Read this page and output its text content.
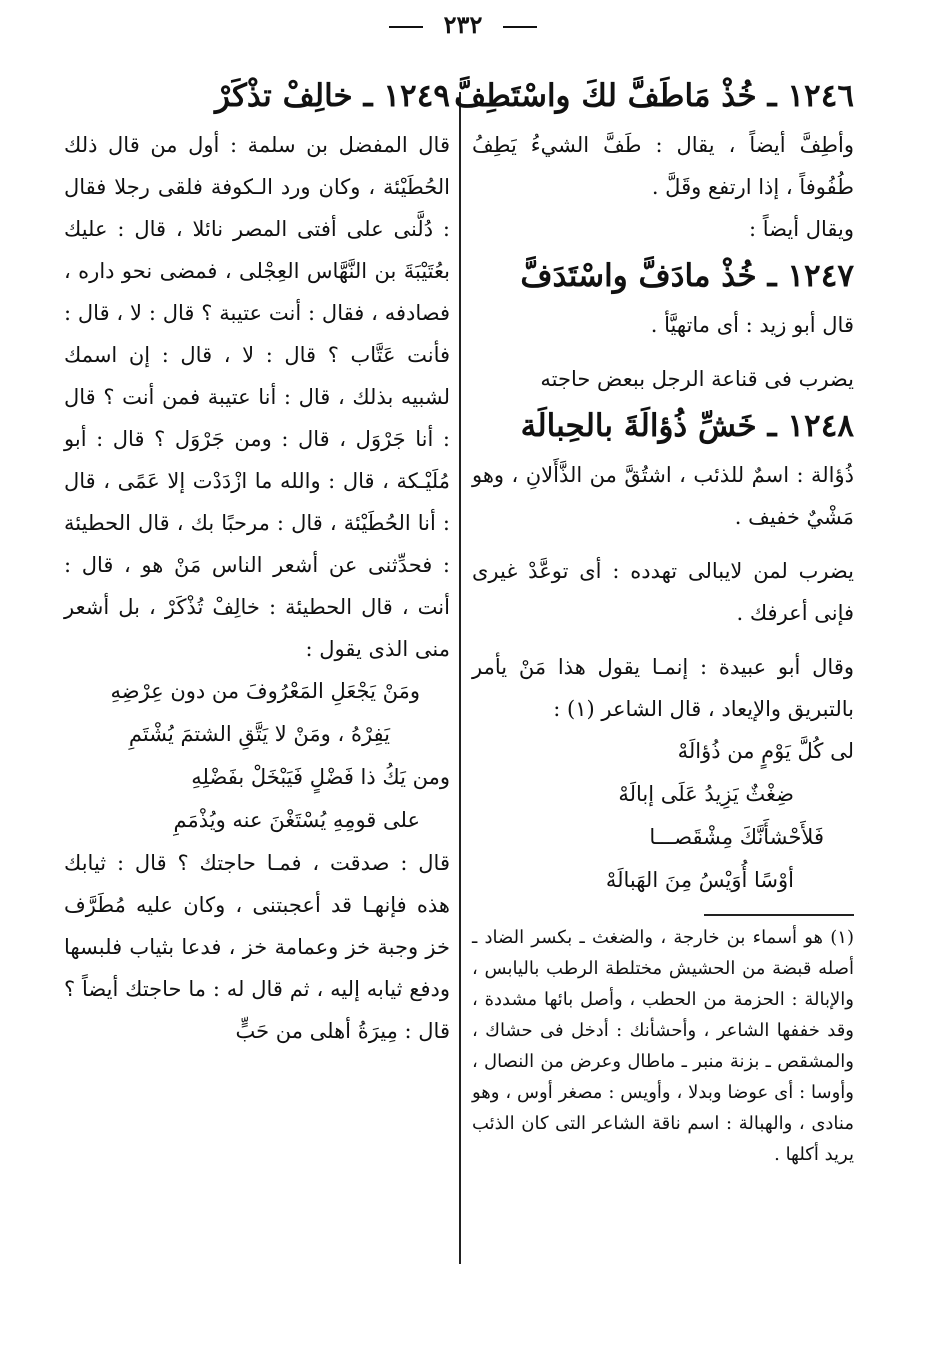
٢٣٢
١٢٤٦ ـ خُذْ مَاطَفَّ لكَ واسْتَطِفَّ

وأطِفَّ أيضاً ، يقال : طَفَّ الشيءُ يَطِفُ طُفُوفاً ، إذا ارتفع وقَلَّ .

ويقال أيضاً :

١٢٤٧ ـ خُذْ مادَفَّ واسْتَدَفَّ

قال أبو زيد : أى ماتهيَّأ .

يضرب فى قناعة الرجل ببعض حاجته

١٢٤٨ ـ خَشِّ ذُؤالَةَ بالحِبالَة

ذُؤالة : اسمٌ للذئب ، اشتُقَّ من الذَّأَلانِ ، وهو مَشْيٌ خفيف .

يضرب لمن لايبالى تهدده : أى توعَّدْ غيرى فإنى أعرفك .

وقال أبو عبيدة : إنمـا يقول هذا مَنْ يأمر بالتبريق والإيعاد ، قال الشاعر (١) :

لى كُلَّ يَوْمٍ من ذُؤالَهْ

ضِغْثٌ يَزِيدُ عَلَى إبالَهْ

فَلأَحْشأَنَّكَ مِشْقَصـــا

أوْسًا أُوَيْسُ مِنَ الهَبالَهْ

(١) هو أسماء بن خارجة ، والضغث ـ بكسر الضاد ـ أصله قبضة من الحشيش مختلطة الرطب باليابس ، والإبالة : الحزمة من الحطب ، وأصل بائها مشددة ، وقد خففها الشاعر ، وأحشأنك : أدخل فى حشاك ، والمشقص ـ بزنة منبر ـ ماطال وعرض من النصال ، وأوسا : أى عوضا وبدلا ، وأويس : مصغر أوس ، وهو منادى ، والهبالة : اسم ناقة الشاعر التى كان الذئب يريد أكلها .

١٢٤٩ ـ خالِفْ تذْكَرْ

قال المفضل بن سلمة : أول من قال ذلك الحُطَيْئة ، وكان ورد الـكوفة فلقى رجلا فقال : دُلَّنى على أفتى المصر نائلا ، قال : عليك بعُتَيْبَةَ بن النَّهَّاس العِجْلى ، فمضى نحو داره ، فصادفه ، فقال : أنت عتيبة ؟ قال : لا ، قال : فأنت عَتَّاب ؟ قال : لا ، قال : إن اسمك لشبيه بذلك ، قال : أنا عتيبة فمن أنت ؟ قال : أنا جَرْوَل ، قال : ومن جَرْوَل ؟ قال : أبو مُلَيْـكة ، قال : والله ما ازْدَدْت إلا عَمًى ، قال : أنا الحُطَيْئة ، قال : مرحبًا بك ، قال الحطيئة : فحدِّثنى عن أشعر الناس مَنْ هو ، قال : أنت ، قال الحطيئة : خالِفْ تُذْكَرْ ، بل أشعر منى الذى يقول :

ومَنْ يَجْعَلِ المَعْرُوفَ من دون عِرْضِهِ

يَفِرْهُ ، ومَنْ لا يَتَّقِ الشتمَ يُشْتَمِ

ومن يَكُ ذا فَضْلٍ فَيَبْخَلْ بفَضْلِهِ

على قومِهِ يُسْتَغْنَ عنه ويُذْمَمِ

قال : صدقت ، فمـا حاجتك ؟ قال : ثيابك هذه فإنهـا قد أعجبتنى ، وكان عليه مُطَرَّف خز وجبة خز وعمامة خز ، فدعا بثياب فلبسها ودفع ثيابه إليه ، ثم قال له : ما حاجتك أيضاً ؟ قال : مِيرَةُ أهلى من حَبٍّ
